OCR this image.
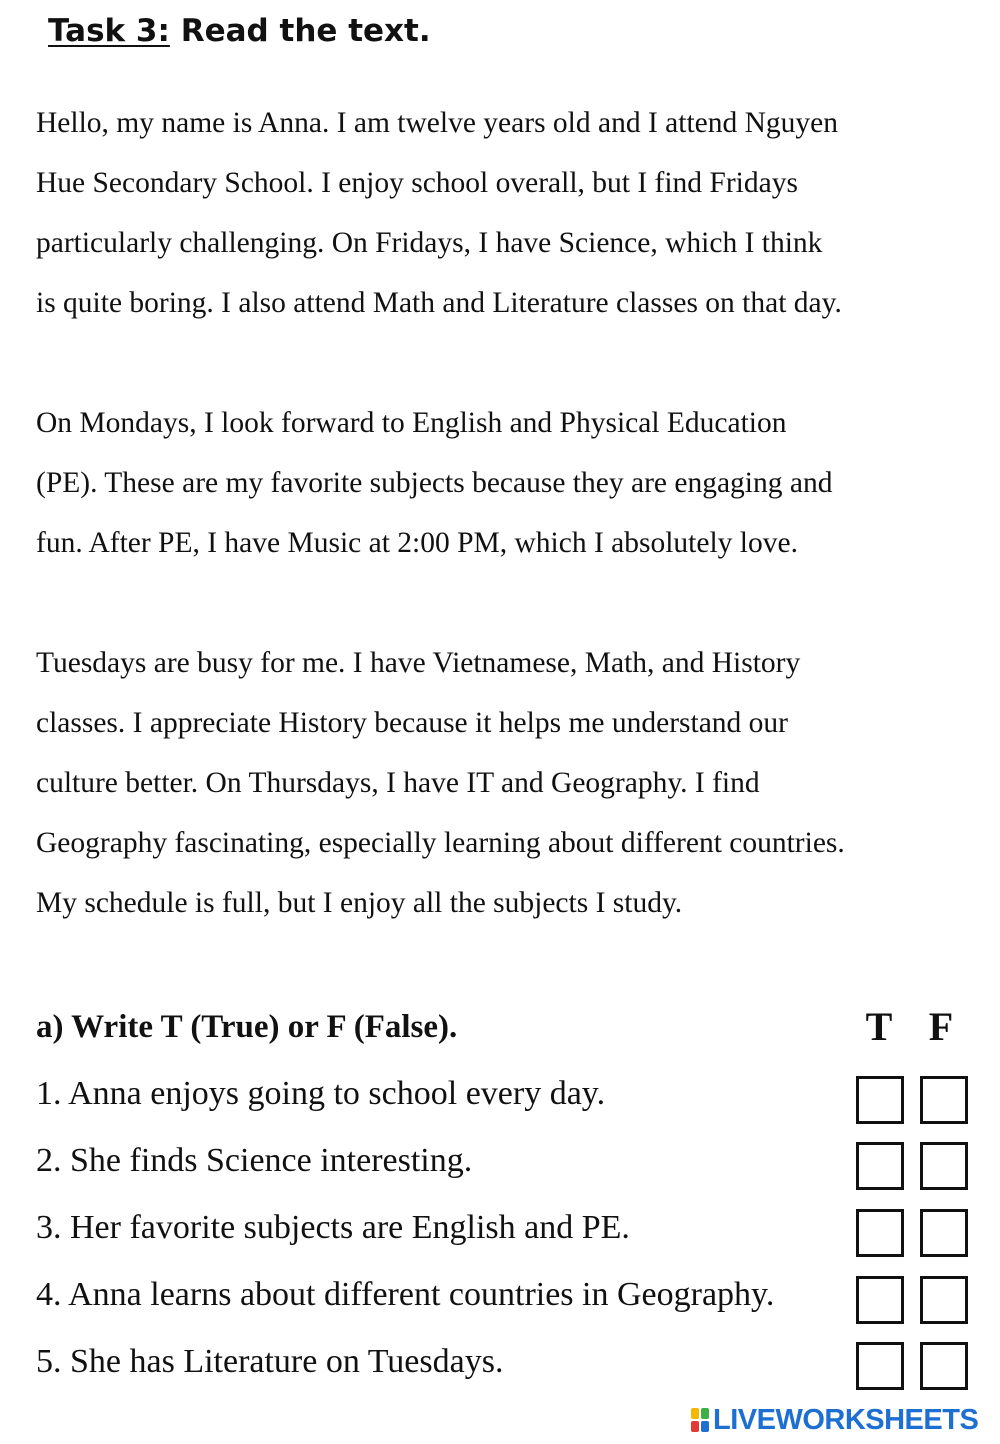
Task 3: Read the text.
Hello, my name is Anna. I am twelve years old and I attend Nguyen
Hue Secondary School. I enjoy school overall, but I find Fridays
particularly challenging. On Fridays, I have Science, which I think
is quite boring. I also attend Math and Literature classes on that day.
On Mondays, I look forward to English and Physical Education
(PE). These are my favorite subjects because they are engaging and
fun. After PE, I have Music at 2:00 PM, which I absolutely love.
Tuesdays are busy for me. I have Vietnamese, Math, and History
classes. I appreciate History because it helps me understand our
culture better. On Thursdays, I have IT and Geography. I find
Geography fascinating, especially learning about different countries.
My schedule is full, but I enjoy all the subjects I study.
a) Write T (True) or F (False).	T F
1. Anna enjoys going to school every day.
2. She finds Science interesting.
3. Her favorite subjects are English and PE.
4. Anna learns about different countries in Geography.
5. She has Literature on Tuesdays.
LIVEWORKSHEETS
